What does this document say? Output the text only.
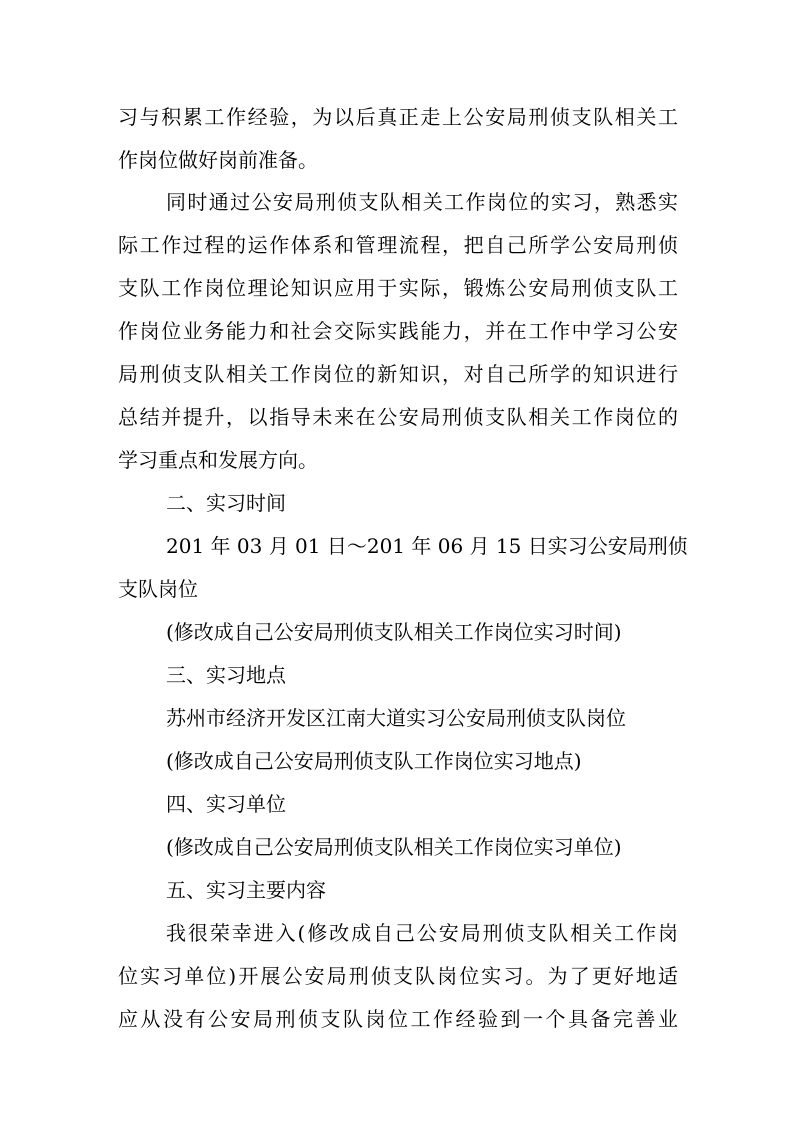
习与积累工作经验，为以后真正走上公安局刑侦支队相关工
作岗位做好岗前准备。
同时通过公安局刑侦支队相关工作岗位的实习，熟悉实
际工作过程的运作体系和管理流程，把自己所学公安局刑侦
支队工作岗位理论知识应用于实际，锻炼公安局刑侦支队工
作岗位业务能力和社会交际实践能力，并在工作中学习公安
局刑侦支队相关工作岗位的新知识，对自己所学的知识进行
总结并提升，以指导未来在公安局刑侦支队相关工作岗位的
学习重点和发展方向。
二、实习时间
201 年 03 月 01 日～201 年 06 月 15 日实习公安局刑侦
支队岗位
(修改成自己公安局刑侦支队相关工作岗位实习时间)
三、实习地点
苏州市经济开发区江南大道实习公安局刑侦支队岗位
(修改成自己公安局刑侦支队工作岗位实习地点)
四、实习单位
(修改成自己公安局刑侦支队相关工作岗位实习单位)
五、实习主要内容
我很荣幸进入(修改成自己公安局刑侦支队相关工作岗
位实习单位)开展公安局刑侦支队岗位实习。为了更好地适
应从没有公安局刑侦支队岗位工作经验到一个具备完善业
